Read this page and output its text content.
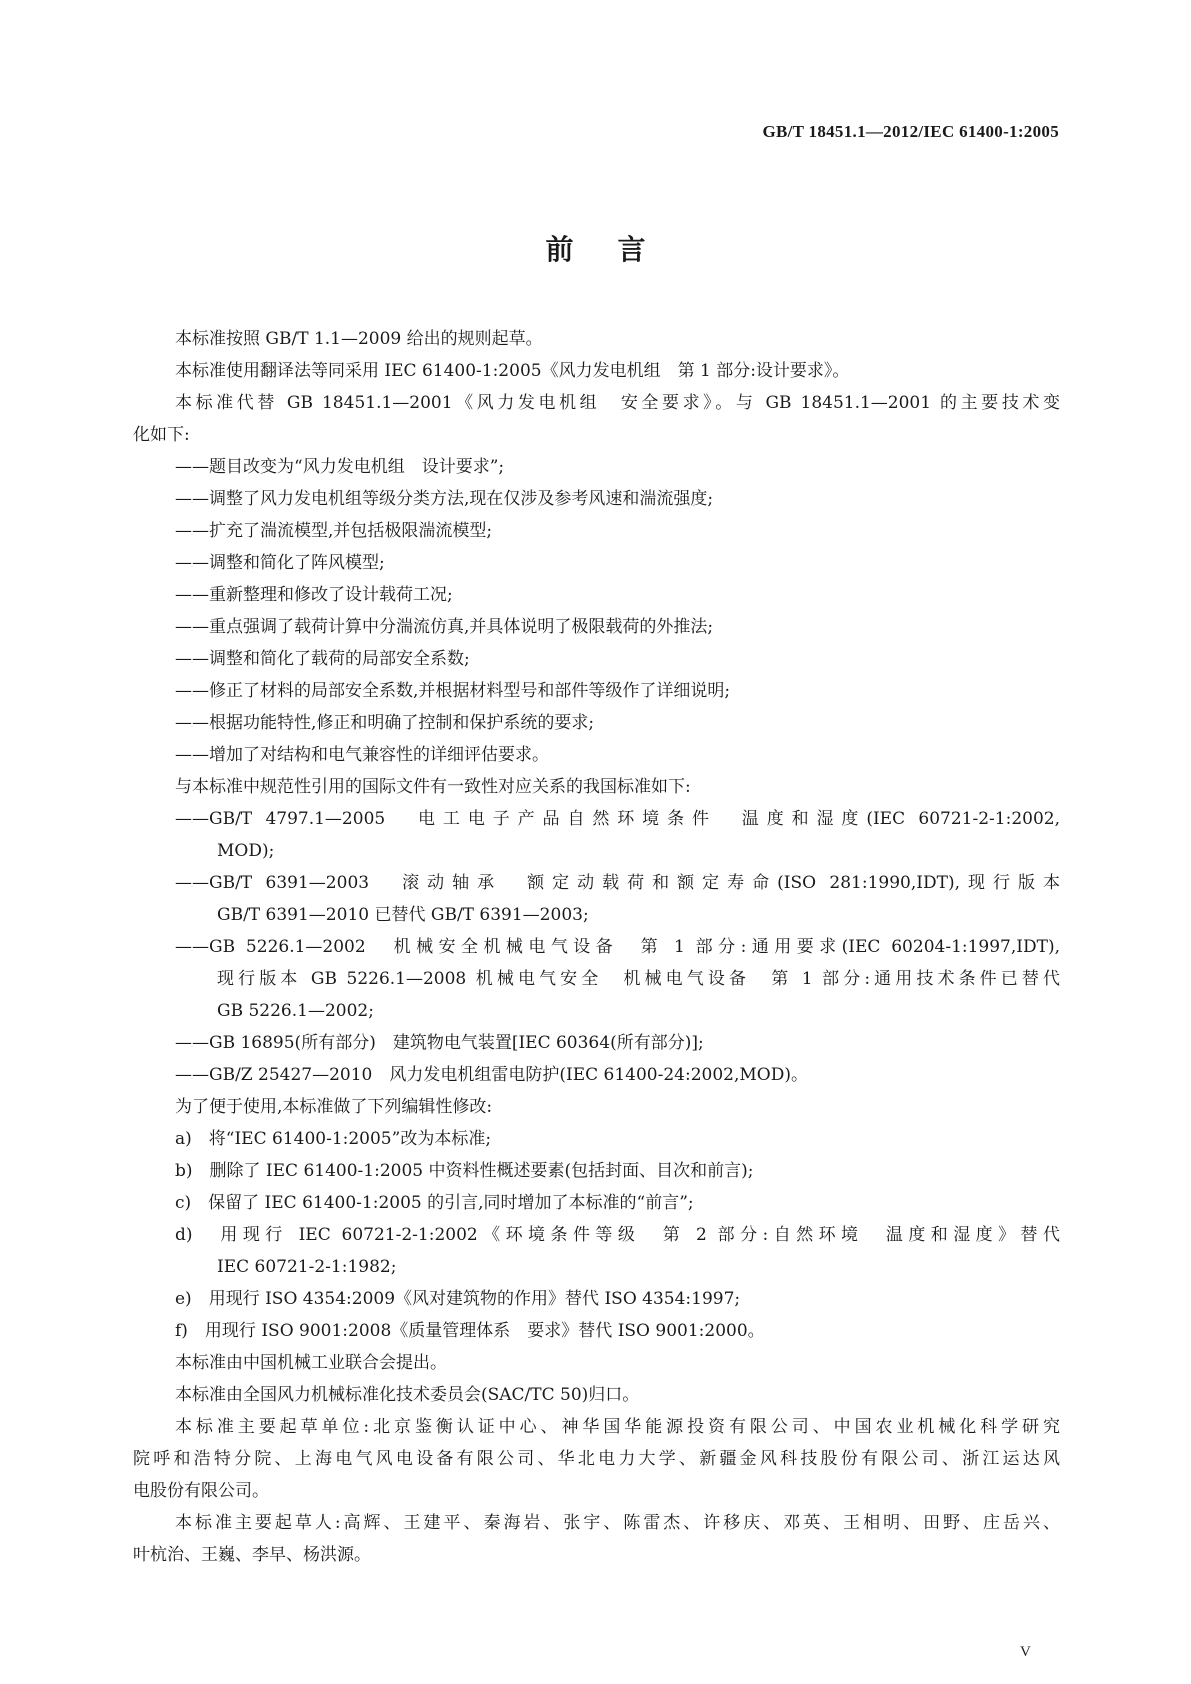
GB/T 18451.1—2012/IEC 61400-1:2005
前言
本标准按照 GB/T 1.1—2009 给出的规则起草。
本标准使用翻译法等同采用 IEC 61400-1:2005《风力发电机组　第 1 部分:设计要求》。
本标准代替 GB 18451.1—2001《风力发电机组　安全要求》。与 GB 18451.1—2001 的主要技术变
化如下:
——题目改变为“风力发电机组　设计要求”;
——调整了风力发电机组等级分类方法,现在仅涉及参考风速和湍流强度;
——扩充了湍流模型,并包括极限湍流模型;
——调整和简化了阵风模型;
——重新整理和修改了设计载荷工况;
——重点强调了载荷计算中分湍流仿真,并具体说明了极限载荷的外推法;
——调整和简化了载荷的局部安全系数;
——修正了材料的局部安全系数,并根据材料型号和部件等级作了详细说明;
——根据功能特性,修正和明确了控制和保护系统的要求;
——增加了对结构和电气兼容性的详细评估要求。
与本标准中规范性引用的国际文件有一致性对应关系的我国标准如下:
——GB/T 4797.1—2005　电工电子产品自然环境条件　温度和湿度(IEC 60721-2-1:2002,
MOD);
——GB/T 6391—2003　滚动轴承　额定动载荷和额定寿命(ISO 281:1990,IDT),现行版本
GB/T 6391—2010 已替代 GB/T 6391—2003;
——GB 5226.1—2002　机械安全机械电气设备　第 1 部分:通用要求(IEC 60204-1:1997,IDT),
现行版本 GB 5226.1—2008 机械电气安全　机械电气设备　第 1 部分:通用技术条件已替代
GB 5226.1—2002;
——GB 16895(所有部分)　建筑物电气装置[IEC 60364(所有部分)];
——GB/Z 25427—2010　风力发电机组雷电防护(IEC 61400-24:2002,MOD)。
为了便于使用,本标准做了下列编辑性修改:
a)　将“IEC 61400-1:2005”改为本标准;
b)　删除了 IEC 61400-1:2005 中资料性概述要素(包括封面、目次和前言);
c)　保留了 IEC 61400-1:2005 的引言,同时增加了本标准的“前言”;
d)　用现行 IEC 60721-2-1:2002《环境条件等级　第 2 部分:自然环境　温度和湿度》替代
IEC 60721-2-1:1982;
e)　用现行 ISO 4354:2009《风对建筑物的作用》替代 ISO 4354:1997;
f)　用现行 ISO 9001:2008《质量管理体系　要求》替代 ISO 9001:2000。
本标准由中国机械工业联合会提出。
本标准由全国风力机械标准化技术委员会(SAC/TC 50)归口。
本标准主要起草单位:北京鉴衡认证中心、神华国华能源投资有限公司、中国农业机械化科学研究
院呼和浩特分院、上海电气风电设备有限公司、华北电力大学、新疆金风科技股份有限公司、浙江运达风
电股份有限公司。
本标准主要起草人:高辉、王建平、秦海岩、张宇、陈雷杰、许移庆、邓英、王相明、田野、庄岳兴、
叶杭治、王巍、李早、杨洪源。
V
